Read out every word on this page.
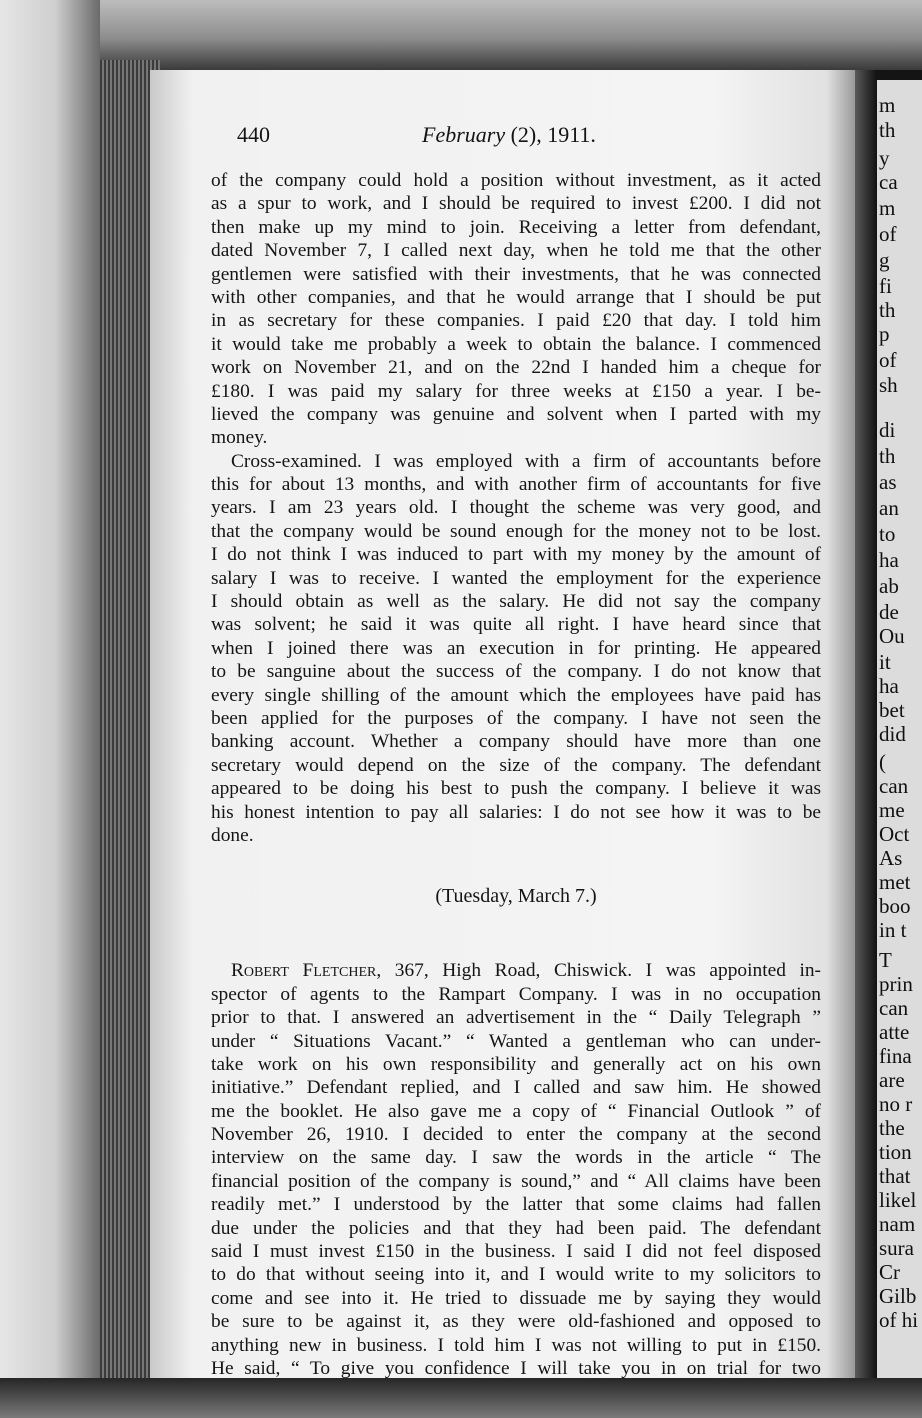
m
th
y
ca
m
of
g
fi
th
p
of
sh
di
th
as
an
to
ha
ab
de
Ou
it
ha
bet
did
(
can
me
Oct
As
met
boo
in t
T
prin
can
atte
fina
are
no r
the
tion
that
likel
nam
sura
Cr
Gilb
of hi
440	February (2), 1911.
of the company could hold a position without investment, as it acted
as a spur to work, and I should be required to invest £200. I did not
then make up my mind to join. Receiving a letter from defendant,
dated November 7, I called next day, when he told me that the other
gentlemen were satisfied with their investments, that he was connected
with other companies, and that he would arrange that I should be put
in as secretary for these companies. I paid £20 that day. I told him
it would take me probably a week to obtain the balance. I commenced
work on November 21, and on the 22nd I handed him a cheque for
£180. I was paid my salary for three weeks at £150 a year. I be-
lieved the company was genuine and solvent when I parted with my
money.
Cross-examined. I was employed with a firm of accountants before
this for about 13 months, and with another firm of accountants for five
years. I am 23 years old. I thought the scheme was very good, and
that the company would be sound enough for the money not to be lost.
I do not think I was induced to part with my money by the amount of
salary I was to receive. I wanted the employment for the experience
I should obtain as well as the salary. He did not say the company
was solvent; he said it was quite all right. I have heard since that
when I joined there was an execution in for printing. He appeared
to be sanguine about the success of the company. I do not know that
every single shilling of the amount which the employees have paid has
been applied for the purposes of the company. I have not seen the
banking account. Whether a company should have more than one
secretary would depend on the size of the company. The defendant
appeared to be doing his best to push the company. I believe it was
his honest intention to pay all salaries: I do not see how it was to be
done.
(Tuesday, March 7.)
Robert Fletcher, 367, High Road, Chiswick. I was appointed in-
spector of agents to the Rampart Company. I was in no occupation
prior to that. I answered an advertisement in the “ Daily Telegraph ”
under “ Situations Vacant.” “ Wanted a gentleman who can under-
take work on his own responsibility and generally act on his own
initiative.” Defendant replied, and I called and saw him. He showed
me the booklet. He also gave me a copy of “ Financial Outlook ” of
November 26, 1910. I decided to enter the company at the second
interview on the same day. I saw the words in the article “ The
financial position of the company is sound,” and “ All claims have been
readily met.” I understood by the latter that some claims had fallen
due under the policies and that they had been paid. The defendant
said I must invest £150 in the business. I said I did not feel disposed
to do that without seeing into it, and I would write to my solicitors to
come and see into it. He tried to dissuade me by saying they would
be sure to be against it, as they were old-fashioned and opposed to
anything new in business. I told him I was not willing to put in £150.
He said, “ To give you confidence I will take you in on trial for two
